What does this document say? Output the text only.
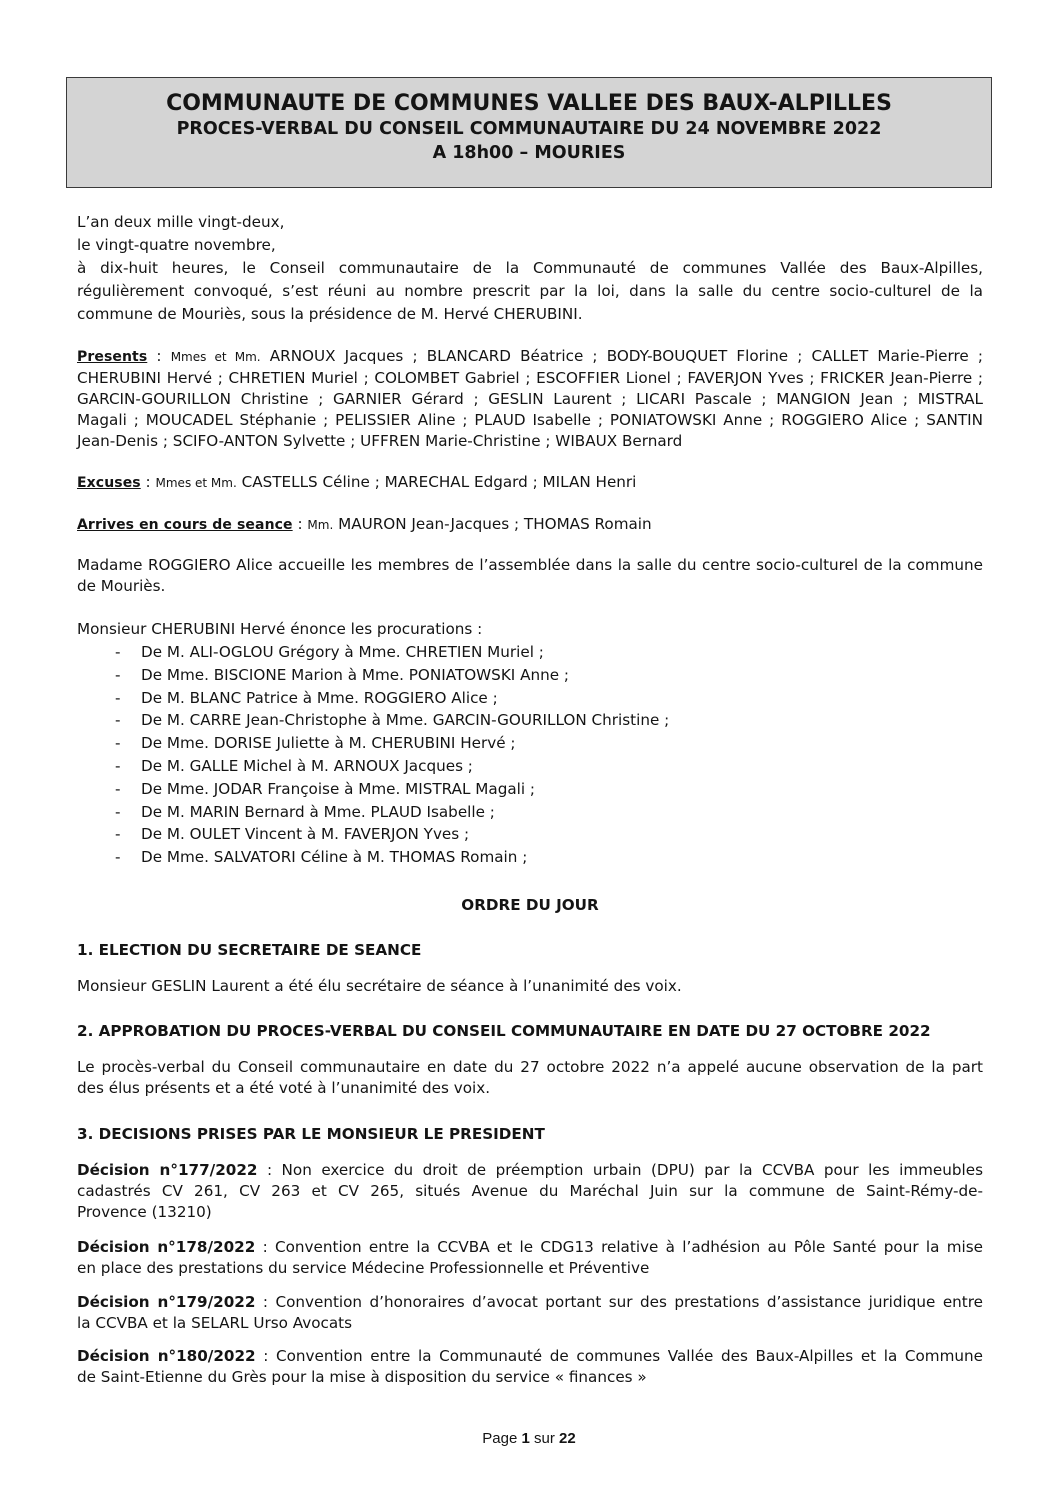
COMMUNAUTE DE COMMUNES VALLEE DES BAUX-ALPILLES
PROCES-VERBAL DU CONSEIL COMMUNAUTAIRE DU 24 NOVEMBRE 2022
A 18h00 – MOURIES
L’an deux mille vingt-deux,
le vingt-quatre novembre,
à dix-huit heures, le Conseil communautaire de la Communauté de communes Vallée des Baux-Alpilles,
régulièrement convoqué, s’est réuni au nombre prescrit par la loi, dans la salle du centre socio-culturel de la
commune de Mouriès, sous la présidence de M. Hervé CHERUBINI.
Presents : Mmes et Mm. ARNOUX Jacques ; BLANCARD Béatrice ; BODY-BOUQUET Florine ; CALLET Marie-Pierre ;
CHERUBINI Hervé ; CHRETIEN Muriel ; COLOMBET Gabriel ; ESCOFFIER Lionel ; FAVERJON Yves ; FRICKER Jean-Pierre ;
GARCIN-GOURILLON Christine ; GARNIER Gérard ; GESLIN Laurent ; LICARI Pascale ; MANGION Jean ; MISTRAL
Magali ; MOUCADEL Stéphanie ; PELISSIER Aline ; PLAUD Isabelle ; PONIATOWSKI Anne ; ROGGIERO Alice ; SANTIN
Jean-Denis ; SCIFO-ANTON Sylvette ; UFFREN Marie-Christine ; WIBAUX Bernard
Excuses : Mmes et Mm. CASTELLS Céline ; MARECHAL Edgard ; MILAN Henri
Arrives en cours de seance : Mm. MAURON Jean-Jacques ; THOMAS Romain
Madame ROGGIERO Alice accueille les membres de l’assemblée dans la salle du centre socio-culturel de la commune
de Mouriès.
Monsieur CHERUBINI Hervé énonce les procurations :
- De M. ALI-OGLOU Grégory à Mme. CHRETIEN Muriel ;
- De Mme. BISCIONE Marion à Mme. PONIATOWSKI Anne ;
- De M. BLANC Patrice à Mme. ROGGIERO Alice ;
- De M. CARRE Jean-Christophe à Mme. GARCIN-GOURILLON Christine ;
- De Mme. DORISE Juliette à M. CHERUBINI Hervé ;
- De M. GALLE Michel à M. ARNOUX Jacques ;
- De Mme. JODAR Françoise à Mme. MISTRAL Magali ;
- De M. MARIN Bernard à Mme. PLAUD Isabelle ;
- De M. OULET Vincent à M. FAVERJON Yves ;
- De Mme. SALVATORI Céline à M. THOMAS Romain ;
ORDRE DU JOUR
1. ELECTION DU SECRETAIRE DE SEANCE
Monsieur GESLIN Laurent a été élu secrétaire de séance à l’unanimité des voix.
2. APPROBATION DU PROCES-VERBAL DU CONSEIL COMMUNAUTAIRE EN DATE DU 27 OCTOBRE 2022
Le procès-verbal du Conseil communautaire en date du 27 octobre 2022 n’a appelé aucune observation de la part
des élus présents et a été voté à l’unanimité des voix.
3. DECISIONS PRISES PAR LE MONSIEUR LE PRESIDENT
Décision n°177/2022 : Non exercice du droit de préemption urbain (DPU) par la CCVBA pour les immeubles
cadastrés CV 261, CV 263 et CV 265, situés Avenue du Maréchal Juin sur la commune de Saint-Rémy-de-
Provence (13210)
Décision n°178/2022 : Convention entre la CCVBA et le CDG13 relative à l’adhésion au Pôle Santé pour la mise
en place des prestations du service Médecine Professionnelle et Préventive
Décision n°179/2022 : Convention d’honoraires d’avocat portant sur des prestations d’assistance juridique entre
la CCVBA et la SELARL Urso Avocats
Décision n°180/2022 : Convention entre la Communauté de communes Vallée des Baux-Alpilles et la Commune
de Saint-Etienne du Grès pour la mise à disposition du service « finances »
Page 1 sur 22
